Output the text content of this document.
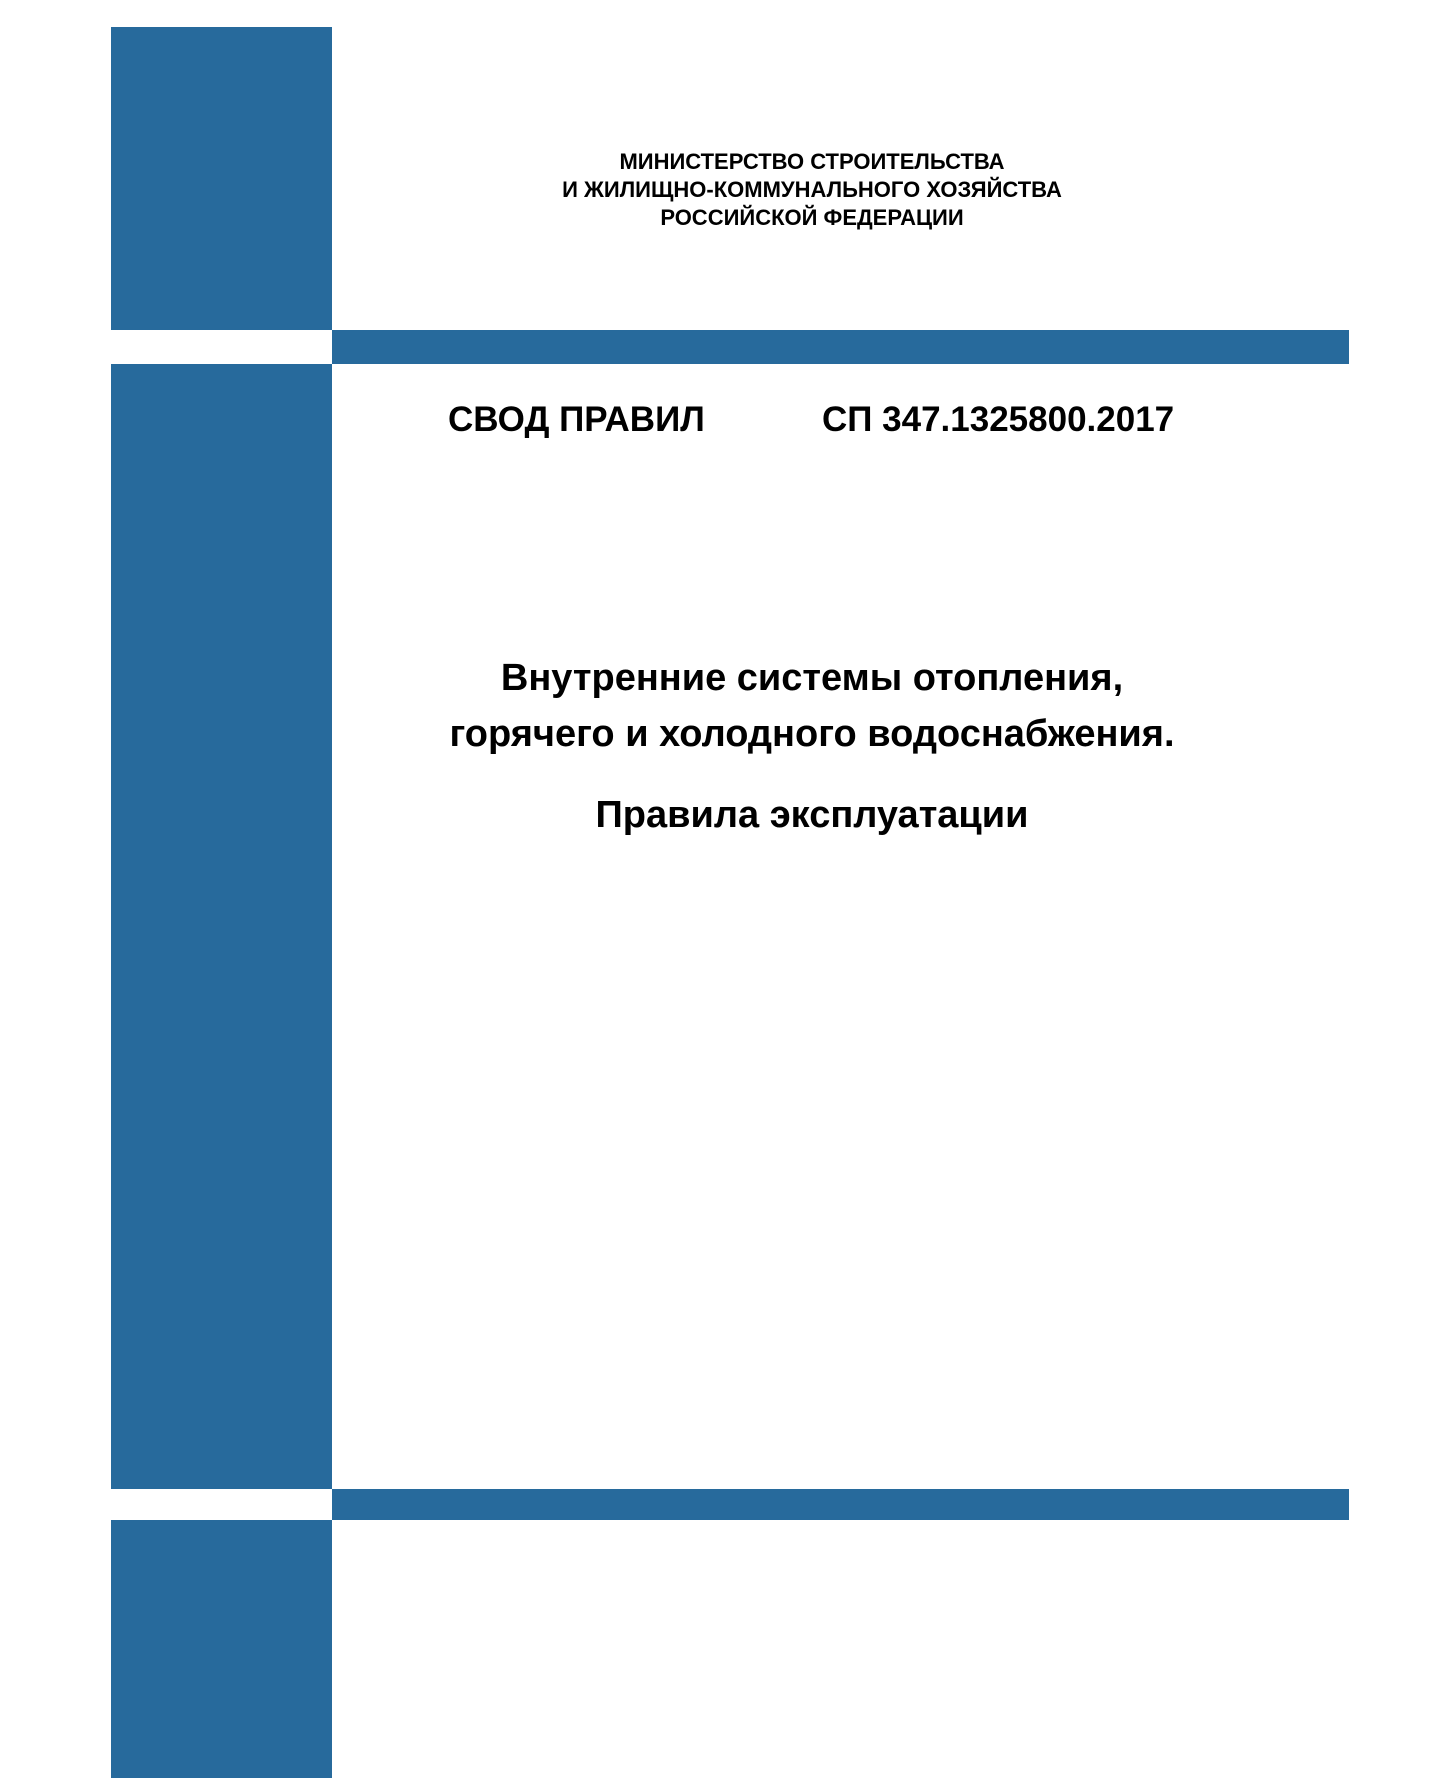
МИНИСТЕРСТВО СТРОИТЕЛЬСТВА
И ЖИЛИЩНО-КОММУНАЛЬНОГО ХОЗЯЙСТВА
РОССИЙСКОЙ ФЕДЕРАЦИИ
СВОД ПРАВИЛ	СП 347.1325800.2017
Внутренние системы отопления,
горячего и холодного водоснабжения.
Правила эксплуатации
